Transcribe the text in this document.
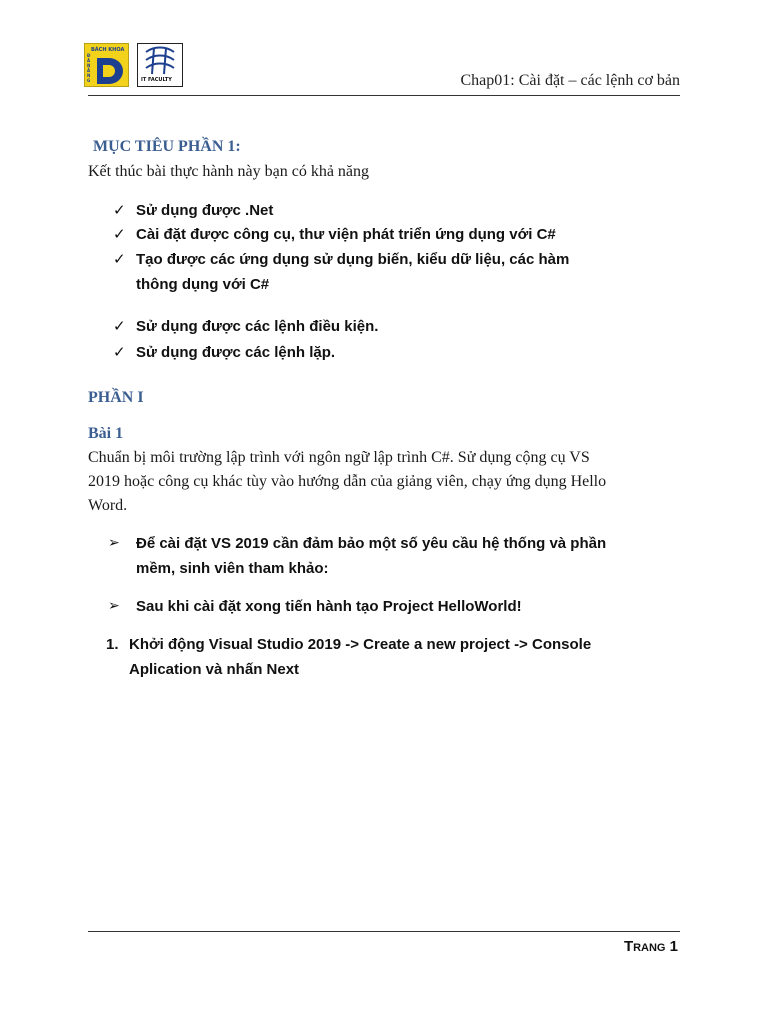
BÁCH KHOA
Đ À N Ẵ N G	IT FACULTY	Chap01: Cài đặt – các lệnh cơ bản
MỤC TIÊU PHẦN 1:
Kết thúc bài thực hành này bạn có khả năng
✓ Sử dụng được .Net
✓ Cài đặt được công cụ, thư viện phát triển ứng dụng với C#
✓ Tạo được các ứng dụng sử dụng biến, kiểu dữ liệu, các hàm thông dụng với C#
✓ Sử dụng được các lệnh điều kiện.
✓ Sử dụng được các lệnh lặp.
PHẦN I
Bài 1
Chuẩn bị môi trường lập trình với ngôn ngữ lập trình C#. Sử dụng cộng cụ VS 2019 hoặc công cụ khác tùy vào hướng dẫn của giảng viên, chạy ứng dụng Hello Word.
➢	Để cài đặt VS 2019 cần đảm bảo một số yêu cầu hệ thống và phần mềm, sinh viên tham khảo:
➢	Sau khi cài đặt xong tiến hành tạo Project HelloWorld!
1. Khởi động Visual Studio 2019 -> Create a new project -> Console Aplication và nhấn Next
Trang 1
